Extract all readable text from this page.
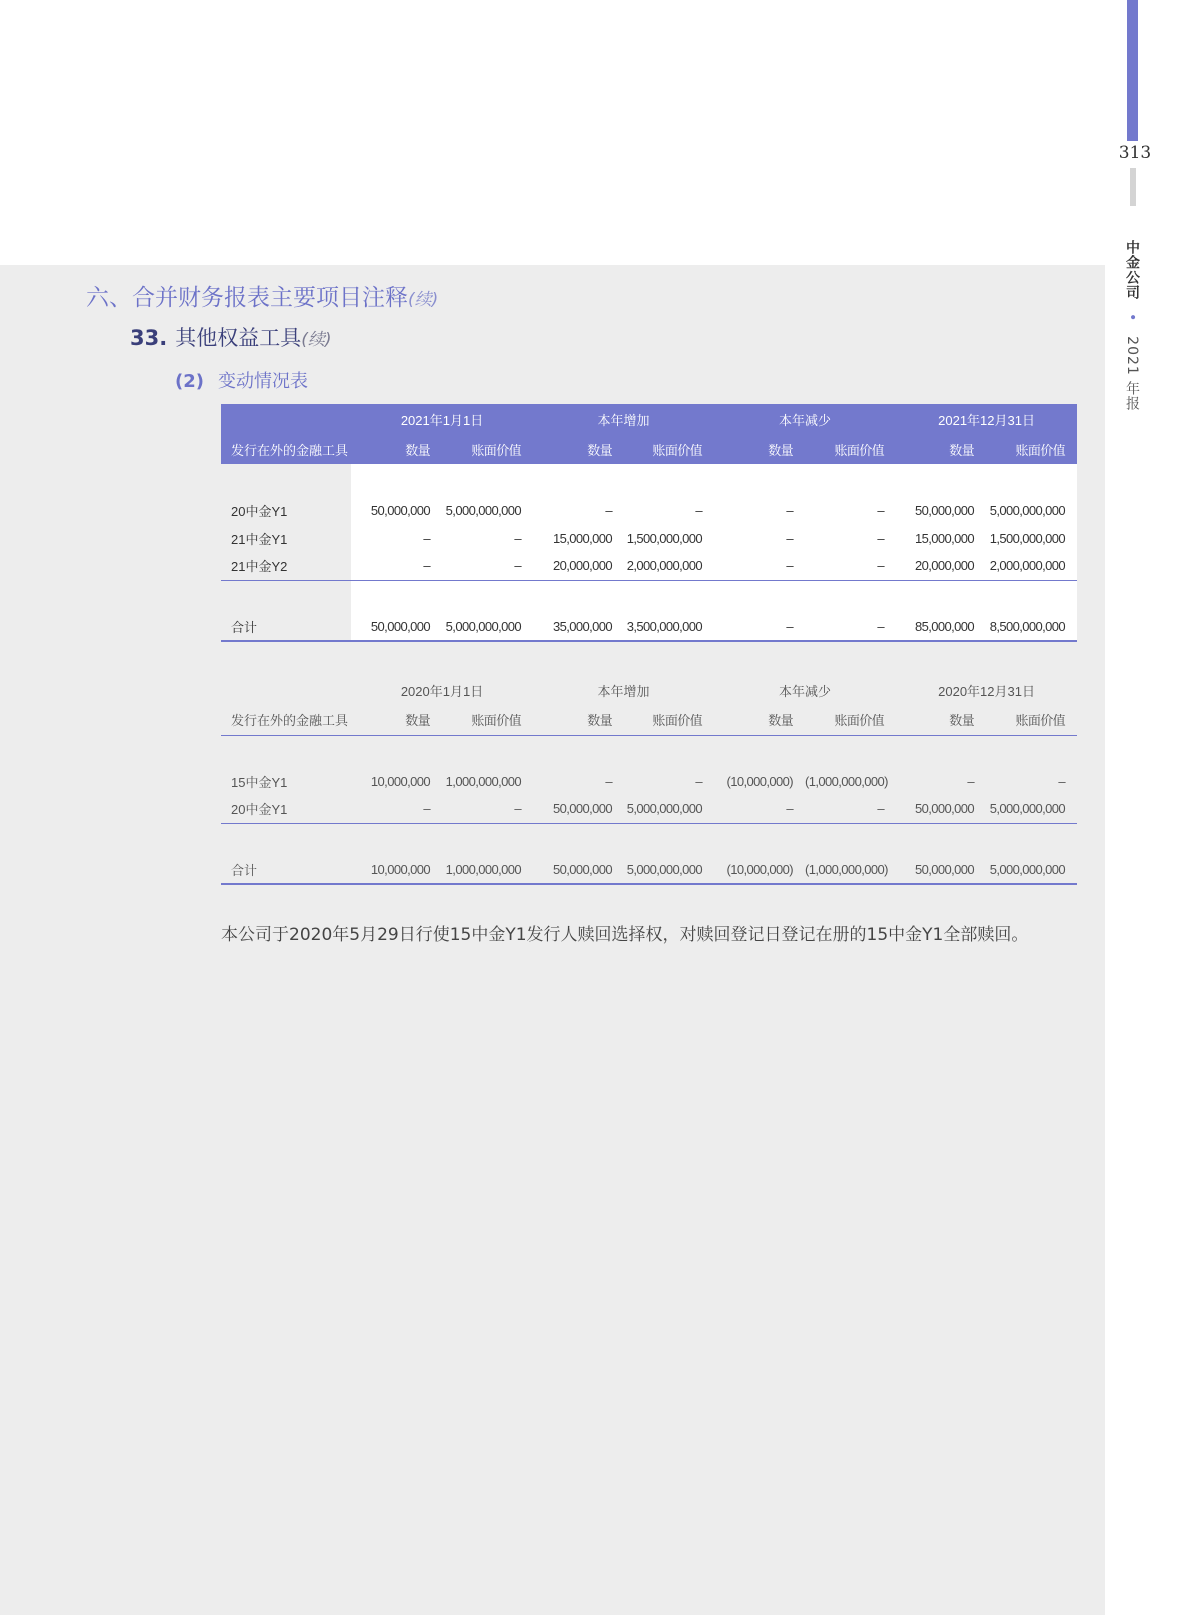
313
中金公司 • 2021 年报
六、合并财务报表主要项目注释(续)
33. 其他权益工具(续)
(2) 变动情况表
	2021年1月1日		本年增加		本年减少		2021年12月31日	
发行在外的金融工具	数量	账面价值	数量	账面价值	数量	账面价值	数量	账面价值

20中金Y1	50,000,000	5,000,000,000	–	–	–	–	50,000,000	5,000,000,000
21中金Y1	–	–	15,000,000	1,500,000,000	–	–	15,000,000	1,500,000,000
21中金Y2	–	–	20,000,000	2,000,000,000	–	–	20,000,000	2,000,000,000

合计	50,000,000	5,000,000,000	35,000,000	3,500,000,000	–	–	85,000,000	8,500,000,000
	2020年1月1日		本年增加		本年减少		2020年12月31日	
发行在外的金融工具	数量	账面价值	数量	账面价值	数量	账面价值	数量	账面价值

15中金Y1	10,000,000	1,000,000,000	–	–	(10,000,000)	(1,000,000,000)	–	–
20中金Y1	–	–	50,000,000	5,000,000,000	–	–	50,000,000	5,000,000,000

合计	10,000,000	1,000,000,000	50,000,000	5,000,000,000	(10,000,000)	(1,000,000,000)	50,000,000	5,000,000,000
本公司于2020年5月29日行使15中金Y1发行人赎回选择权，对赎回登记日登记在册的15中金Y1全部赎回。
